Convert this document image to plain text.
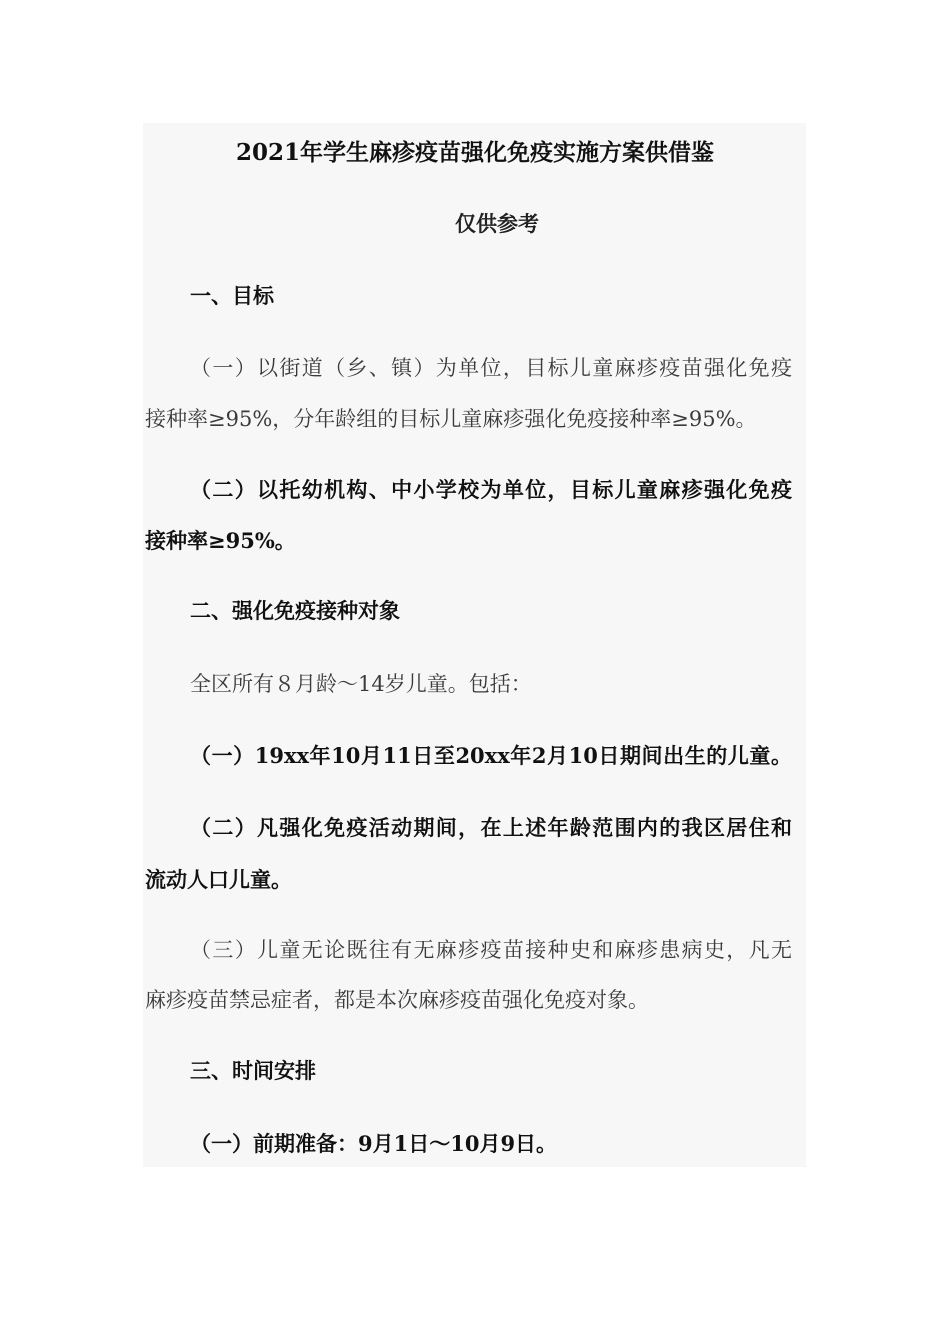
2021年学生麻疹疫苗强化免疫实施方案供借鉴
仅供参考
一、目标
（一）以街道（乡、镇）为单位，目标儿童麻疹疫苗强化免疫
接种率≥95%，分年龄组的目标儿童麻疹强化免疫接种率≥95%。
（二）以托幼机构、中小学校为单位，目标儿童麻疹强化免疫
接种率≥95%。
二、强化免疫接种对象
全区所有８月龄～14岁儿童。包括：
（一）19xx年10月11日至20xx年2月10日期间出生的儿童。
（二）凡强化免疫活动期间，在上述年龄范围内的我区居住和
流动人口儿童。
（三）儿童无论既往有无麻疹疫苗接种史和麻疹患病史，凡无
麻疹疫苗禁忌症者，都是本次麻疹疫苗强化免疫对象。
三、时间安排
（一）前期准备：9月1日～10月9日。
